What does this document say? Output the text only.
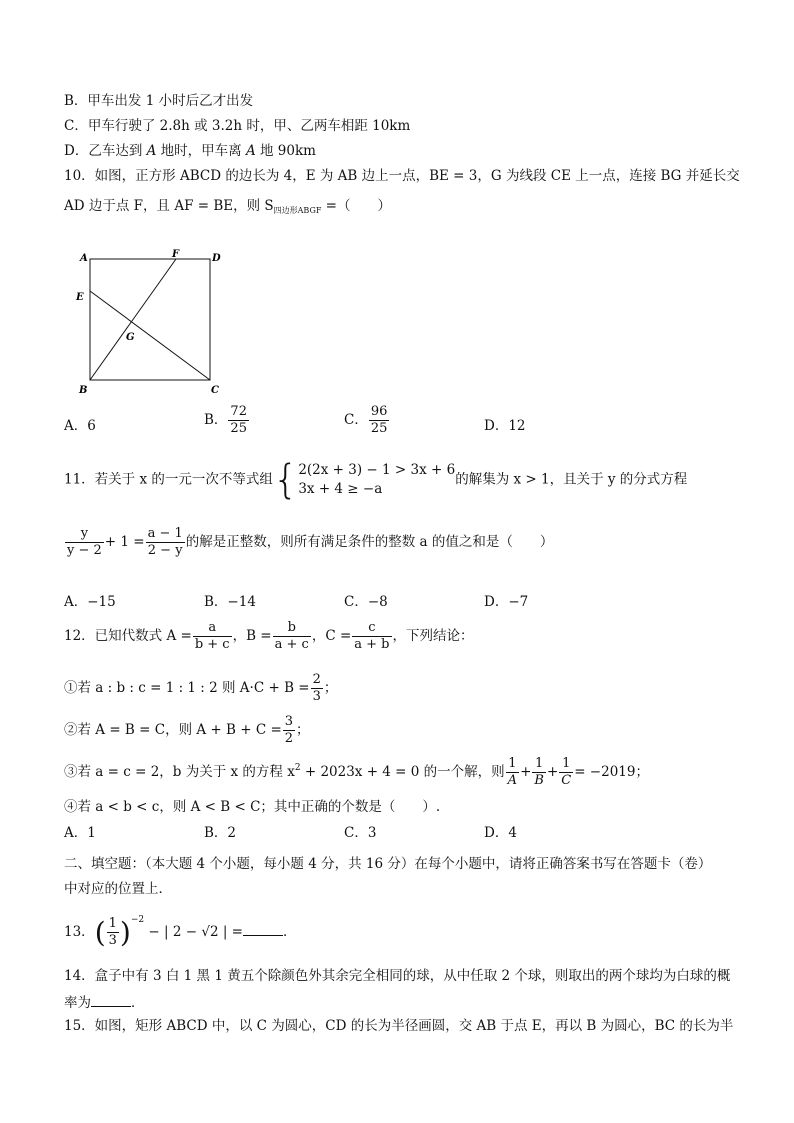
B．甲车出发 1 小时后乙才出发
C．甲车行驶了 2.8h 或 3.2h 时，甲、乙两车相距 10km
D．乙车达到 A 地时，甲车离 A 地 90km
10．如图，正方形 ABCD 的边长为 4，E 为 AB 边上一点，BE = 3，G 为线段 CE 上一点，连接 BG 并延长交
AD 边于点 F，且 AF = BE，则 $S_{四边形ABGF}$ =（　　）
A	F	D
E
G
B	C
A．6	B． $\frac{72}{25}$	C． $\frac{96}{25}$	D．12
11．若关于 x 的一元一次不等式组{ 2(2x + 3) − 1 > 3x + 6
3x + 4 ≥ −a
的解集为 x > 1，且关于 y 的分式方程
$\frac{y}{y - 2} + 1 = \frac{a - 1}{2 - y}$ 的解是正整数，则所有满足条件的整数 a 的值之和是（　　）
A．−15	B．−14	C．−8	D．−7
12．已知代数式 $A = \frac{a}{b + c}$ ，$B = \frac{b}{a + c}$ ，$C = \frac{c}{a + b}$ ，下列结论：
①若 a : b : c = 1 : 1 : 2 则 $A\cdot C + B = \frac{2}{3}$ ；
②若 A = B = C，则 $A + B + C = \frac{3}{2}$ ；
③若 a = c = 2，b 为关于 x 的方程 $x^2 + 2023x + 4 = 0$ 的一个解，则 $\frac{1}{A} + \frac{1}{B} + \frac{1}{C} = -2019$；
④若 a < b < c，则 A < B < C；其中正确的个数是（　　）.
A．1	B．2	C．3	D．4
二、填空题：（本大题 4 个小题，每小题 4 分，共 16 分）在每个小题中，请将正确答案书写在答题卡（卷）
中对应的位置上．
13．( $\frac{1}{3} )^{-2}$ − | 2 − √2 | =	．
14．盒子中有 3 白 1 黑 1 黄五个除颜色外其余完全相同的球，从中任取 2 个球，则取出的两个球均为白球的概
率为	．
15．如图，矩形 ABCD 中，以 C 为圆心，CD 的长为半径画圆，交 AB 于点 E，再以 B 为圆心，BC 的长为半
